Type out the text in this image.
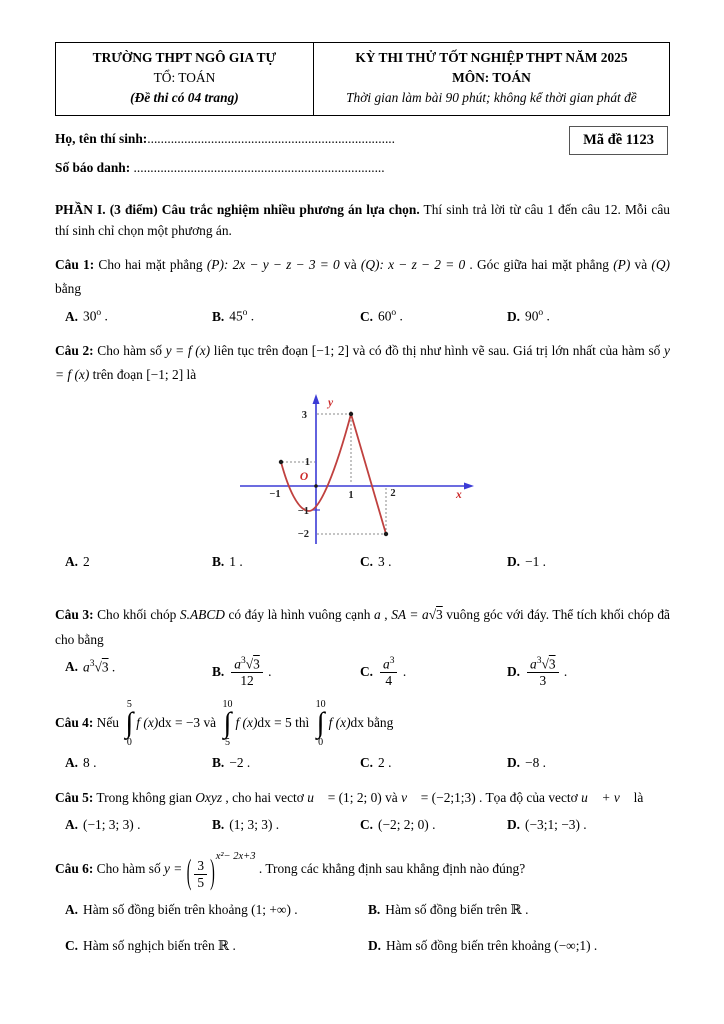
TRƯỜNG THPT NGÔ GIA TỰ
TỔ: TOÁN
(Đề thi có 04 trang)

KỲ THI THỬ TỐT NGHIỆP THPT NĂM 2025
MÔN: TOÁN
Thời gian làm bài 90 phút; không kể thời gian phát đề
Họ, tên thí sinh:..........................................................................
Số báo danh: ...........................................................................
Mã đề 1123
PHẦN I. (3 điểm) Câu trắc nghiệm nhiều phương án lựa chọn. Thí sinh trả lời từ câu 1 đến câu 12. Mỗi câu thí sinh chỉ chọn một phương án.
Câu 1: Cho hai mặt phẳng (P): 2x − y − z − 3 = 0 và (Q): x − z − 2 = 0 . Góc giữa hai mặt phẳng (P) và (Q) bằng
A. 30$^o$ .	B. 45$^o$ .	C. 60$^o$ .	D. 90$^o$ .
Câu 2: Cho hàm số y = f (x) liên tục trên đoạn [−1; 2] và có đồ thị như hình vẽ sau. Giá trị lớn nhất của hàm số y = f (x) trên đoạn [−1; 2] là
3
1
−1
−2
−1	1	2
O
y
x
A. 2	B. 1 .	C. 3 .	D. −1 .
Câu 3: Cho khối chóp S.ABCD có đáy là hình vuông cạnh a , SA = a√3 vuông góc với đáy. Thể tích khối chóp đã cho bằng
A. $a^3√3$ .	B. $\frac{a^3√3}{12}$ .	C. $\frac{a^3}{4}$ .	D. $\frac{a^3√3}{3}$ .
Câu 4: Nếu
5
∫
0
f (x)dx = −3 và
10
∫
5
f (x)dx = 5 thì
10
∫
0
f (x)dx bằng
A. 8 .	B. −2 .	C. 2 .	D. −8 .
Câu 5: Trong không gian Oxyz , cho hai vectơ u⃗ = (1; 2; 0) và v⃗ = (−2;1;3) . Tọa độ của vectơ u⃗ + v⃗ là
A. (−1; 3; 3) .	B. (1; 3; 3) .	C. (−2; 2; 0) .	D. (−3;1; −3) .
Câu 6: Cho hàm số y = ( $\frac{3}{5} )^{x^2- 2x+3}$ . Trong các khẳng định sau khẳng định nào đúng?
A. Hàm số đồng biến trên khoảng (1; +∞) .	B. Hàm số đồng biến trên ℝ .
C. Hàm số nghịch biến trên ℝ .	D. Hàm số đồng biến trên khoảng (−∞;1) .
